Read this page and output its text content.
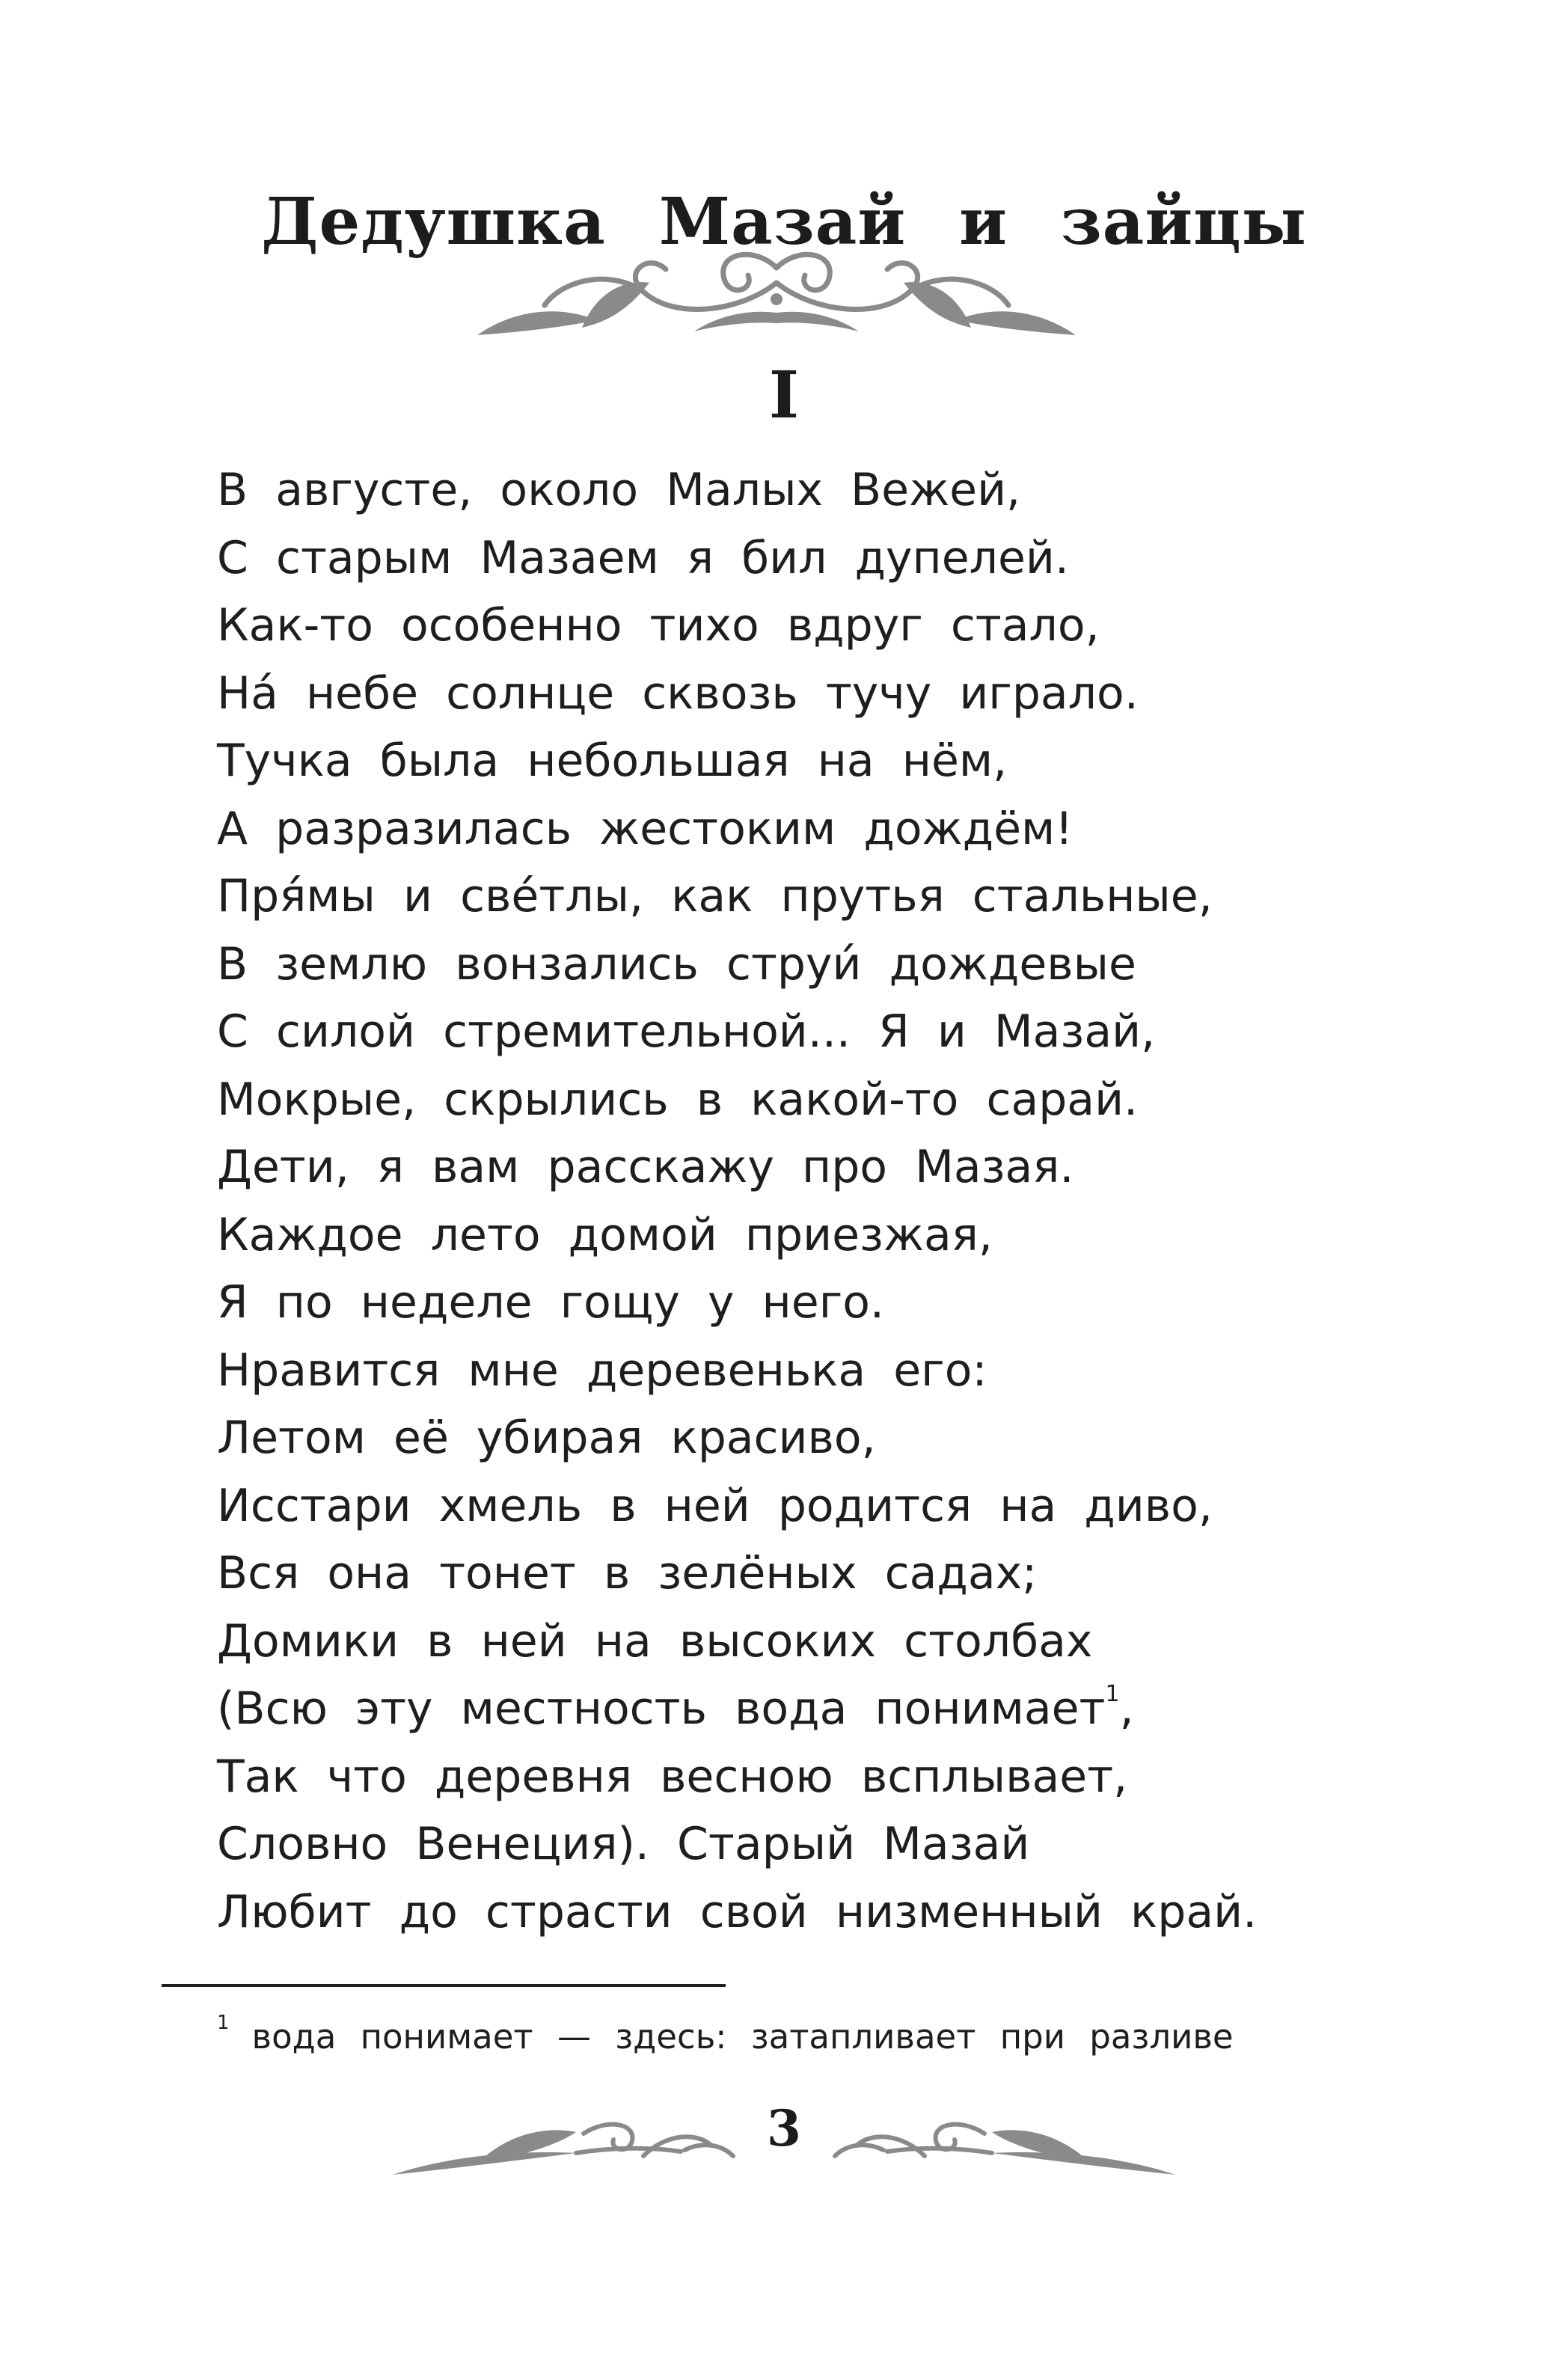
Дедушка Мазай и зайцы
I
В августе, около Малых Вежей,
С старым Мазаем я бил дупелей.
Как-то особенно тихо вдруг стало,
На́ небе солнце сквозь тучу играло.
Тучка была небольшая на нём,
А разразилась жестоким дождём!
Пря́мы и све́тлы, как прутья стальные,
В землю вонзались струи́ дождевые
С силой стремительной... Я и Мазай,
Мокрые, скрылись в какой-то сарай.
Дети, я вам расскажу про Мазая.
Каждое лето домой приезжая,
Я по неделе гощу у него.
Нравится мне деревенька его:
Летом её убирая красиво,
Исстари хмель в ней родится на диво,
Вся она тонет в зелёных садах;
Домики в ней на высоких столбах
(Всю эту местность вода понимает$^1$,
Так что деревня весною всплывает,
Словно Венеция). Старый Мазай
Любит до страсти свой низменный край.
$^1$ вода понимает — здесь: затапливает при разливе
3
